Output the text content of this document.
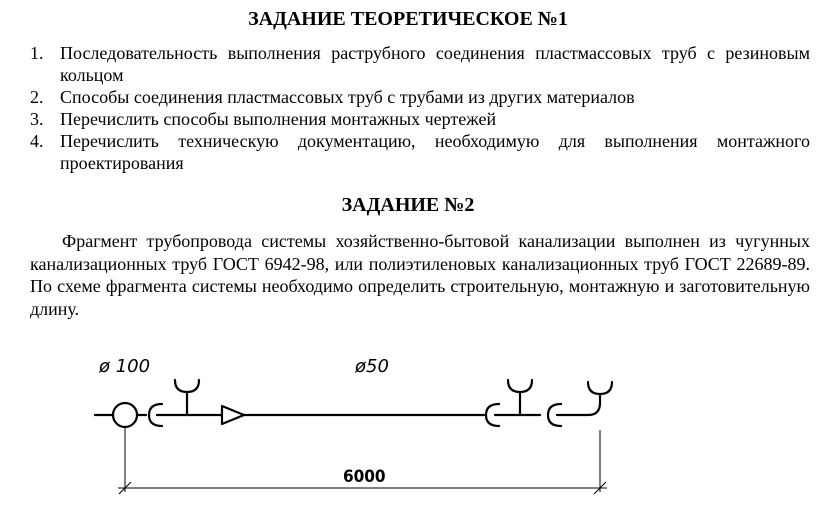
ЗАДАНИЕ ТЕОРЕТИЧЕСКОЕ №1
1. Последовательность выполнения раструбного соединения пластмассовых труб с резиновым кольцом
2. Способы соединения пластмассовых труб с трубами из других материалов
3. Перечислить способы выполнения монтажных чертежей
4. Перечислить техническую документацию, необходимую для выполнения монтажного проектирования
ЗАДАНИЕ №2

Фрагмент трубопровода системы хозяйственно-бытовой канализации выполнен из чугунных канализационных труб ГОСТ 6942-98, или полиэтиленовых канализационных труб ГОСТ 22689-89. По схеме фрагмента системы необходимо определить строительную, монтажную и заготовительную длину.

ø 100	ø50
6000
